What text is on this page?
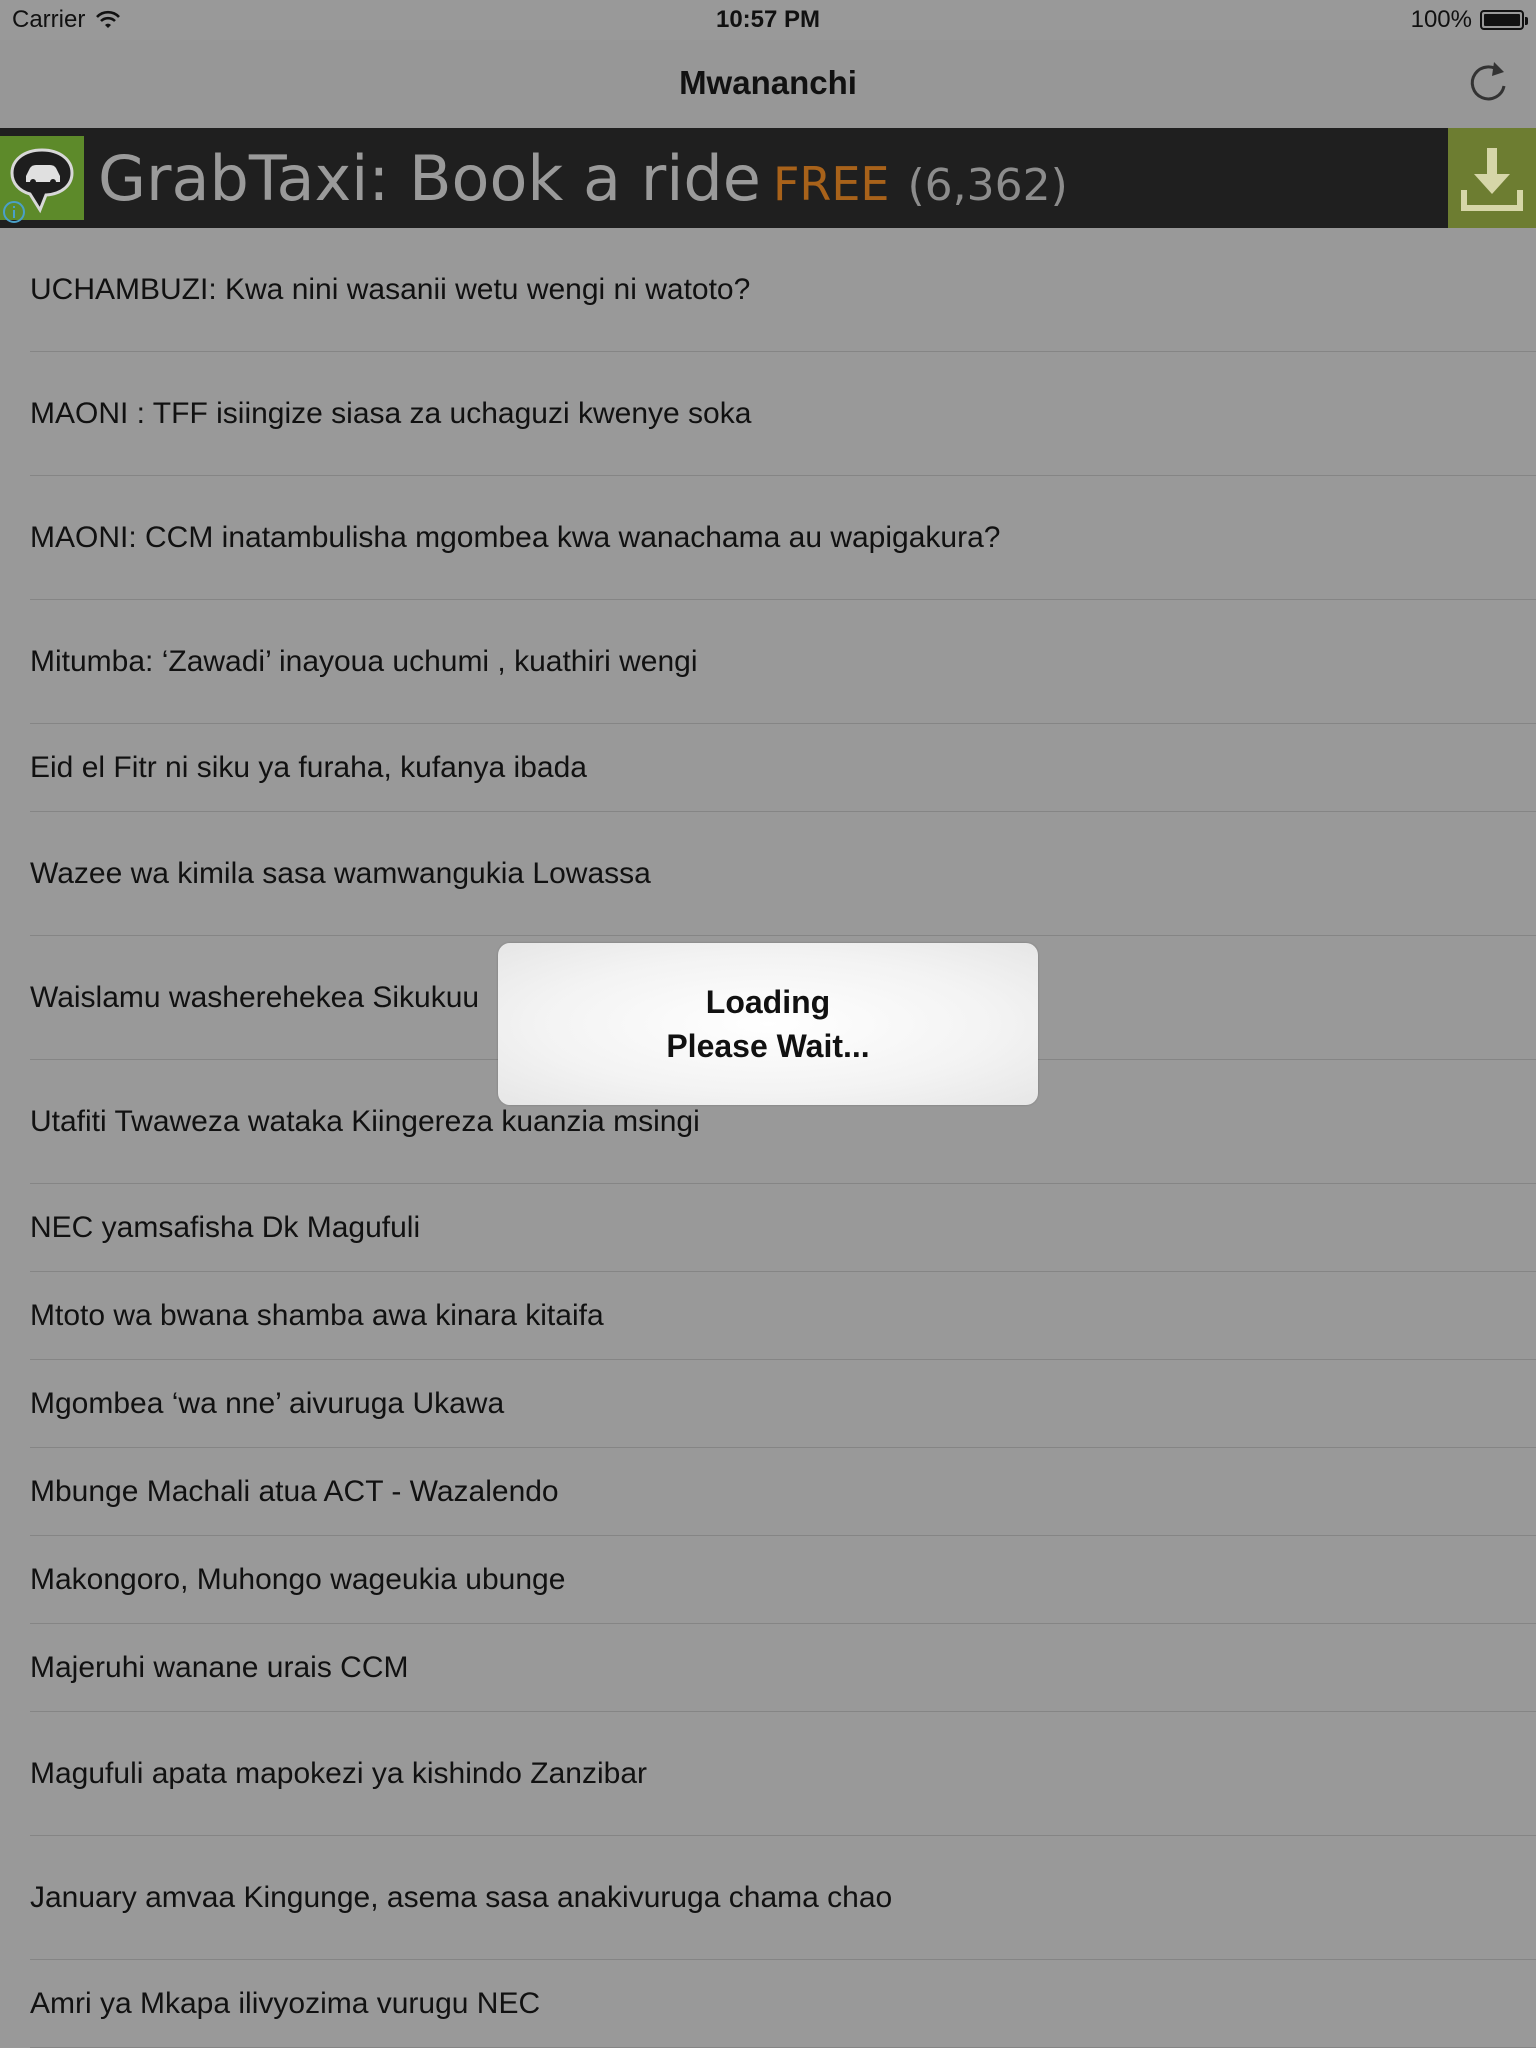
Carrier	10:57 PM	100%
Mwananchi
GrabTaxi: Book a ride FREE (6,362)
UCHAMBUZI: Kwa nini wasanii wetu wengi ni watoto?
MAONI : TFF isiingize siasa za uchaguzi kwenye soka
MAONI: CCM inatambulisha mgombea kwa wanachama au wapigakura?
Mitumba: ‘Zawadi’ inayoua uchumi , kuathiri wengi
Eid el Fitr ni siku ya furaha, kufanya ibada
Wazee wa kimila sasa wamwangukia Lowassa
Waislamu washerehekea Sikukuu
Utafiti Twaweza wataka Kiingereza kuanzia msingi
NEC yamsafisha Dk Magufuli
Mtoto wa bwana shamba awa kinara kitaifa
Mgombea ‘wa nne’ aivuruga Ukawa
Mbunge Machali atua ACT - Wazalendo
Makongoro, Muhongo wageukia ubunge
Majeruhi wanane urais CCM
Magufuli apata mapokezi ya kishindo Zanzibar
January amvaa Kingunge, asema sasa anakivuruga chama chao
Amri ya Mkapa ilivyozima vurugu NEC
Loading
Please Wait...
